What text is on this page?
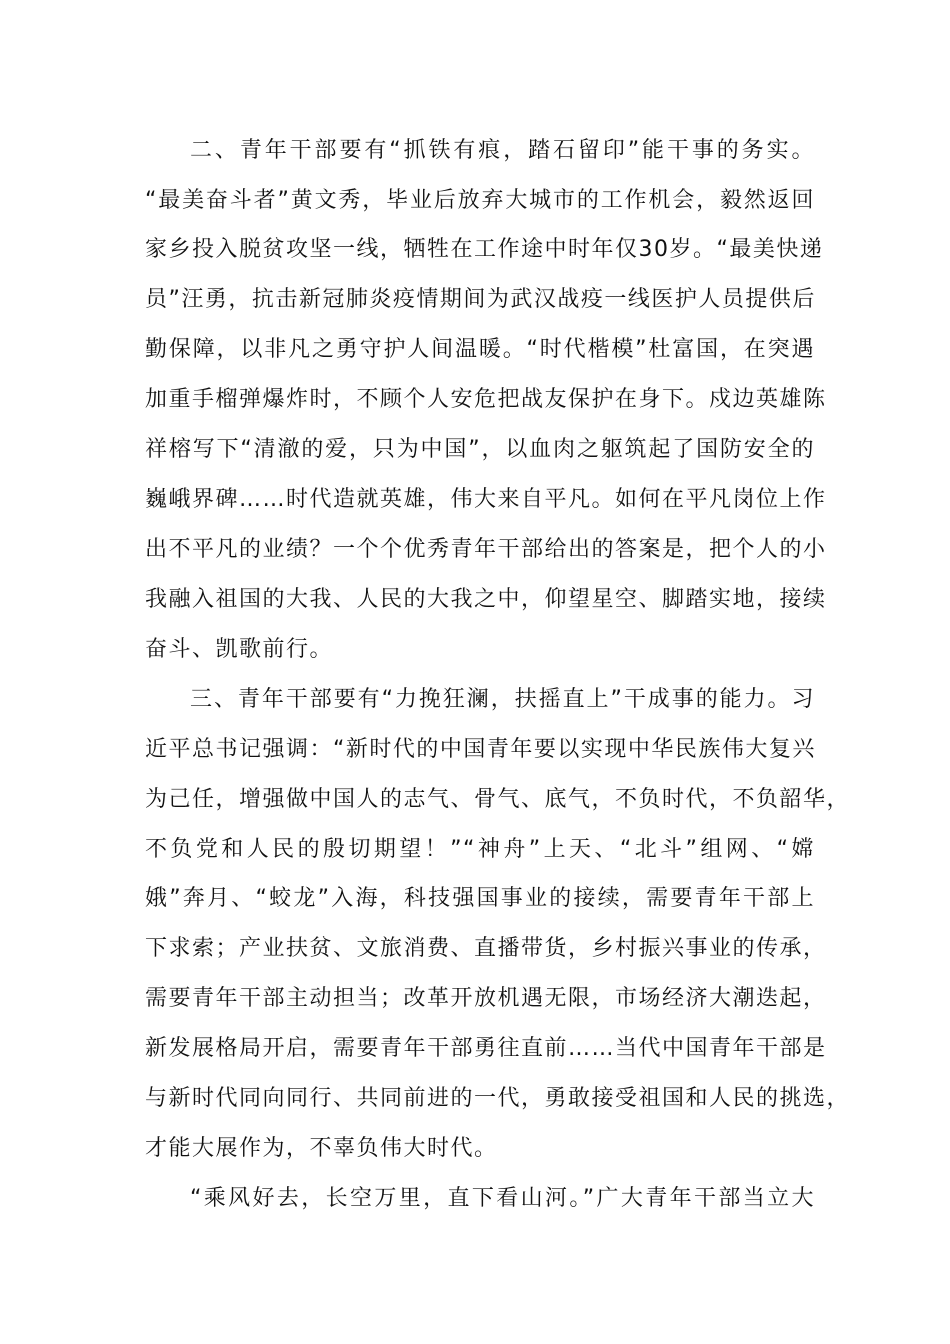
二、青年干部要有“抓铁有痕，踏石留印”能干事的务实。
“最美奋斗者”黄文秀，毕业后放弃大城市的工作机会，毅然返回
家乡投入脱贫攻坚一线，牺牲在工作途中时年仅30岁。“最美快递
员”汪勇，抗击新冠肺炎疫情期间为武汉战疫一线医护人员提供后
勤保障，以非凡之勇守护人间温暖。“时代楷模”杜富国，在突遇
加重手榴弹爆炸时，不顾个人安危把战友保护在身下。戍边英雄陈
祥榕写下“清澈的爱，只为中国”，以血肉之躯筑起了国防安全的
巍峨界碑……时代造就英雄，伟大来自平凡。如何在平凡岗位上作
出不平凡的业绩？一个个优秀青年干部给出的答案是，把个人的小
我融入祖国的大我、人民的大我之中，仰望星空、脚踏实地，接续
奋斗、凯歌前行。
三、青年干部要有“力挽狂澜，扶摇直上”干成事的能力。习
近平总书记强调：“新时代的中国青年要以实现中华民族伟大复兴
为己任，增强做中国人的志气、骨气、底气，不负时代，不负韶华，
不负党和人民的殷切期望！”“神舟”上天、“北斗”组网、“嫦
娥”奔月、“蛟龙”入海，科技强国事业的接续，需要青年干部上
下求索；产业扶贫、文旅消费、直播带货，乡村振兴事业的传承，
需要青年干部主动担当；改革开放机遇无限，市场经济大潮迭起，
新发展格局开启，需要青年干部勇往直前……当代中国青年干部是
与新时代同向同行、共同前进的一代，勇敢接受祖国和人民的挑选，
才能大展作为，不辜负伟大时代。
“乘风好去，长空万里，直下看山河。”广大青年干部当立大
